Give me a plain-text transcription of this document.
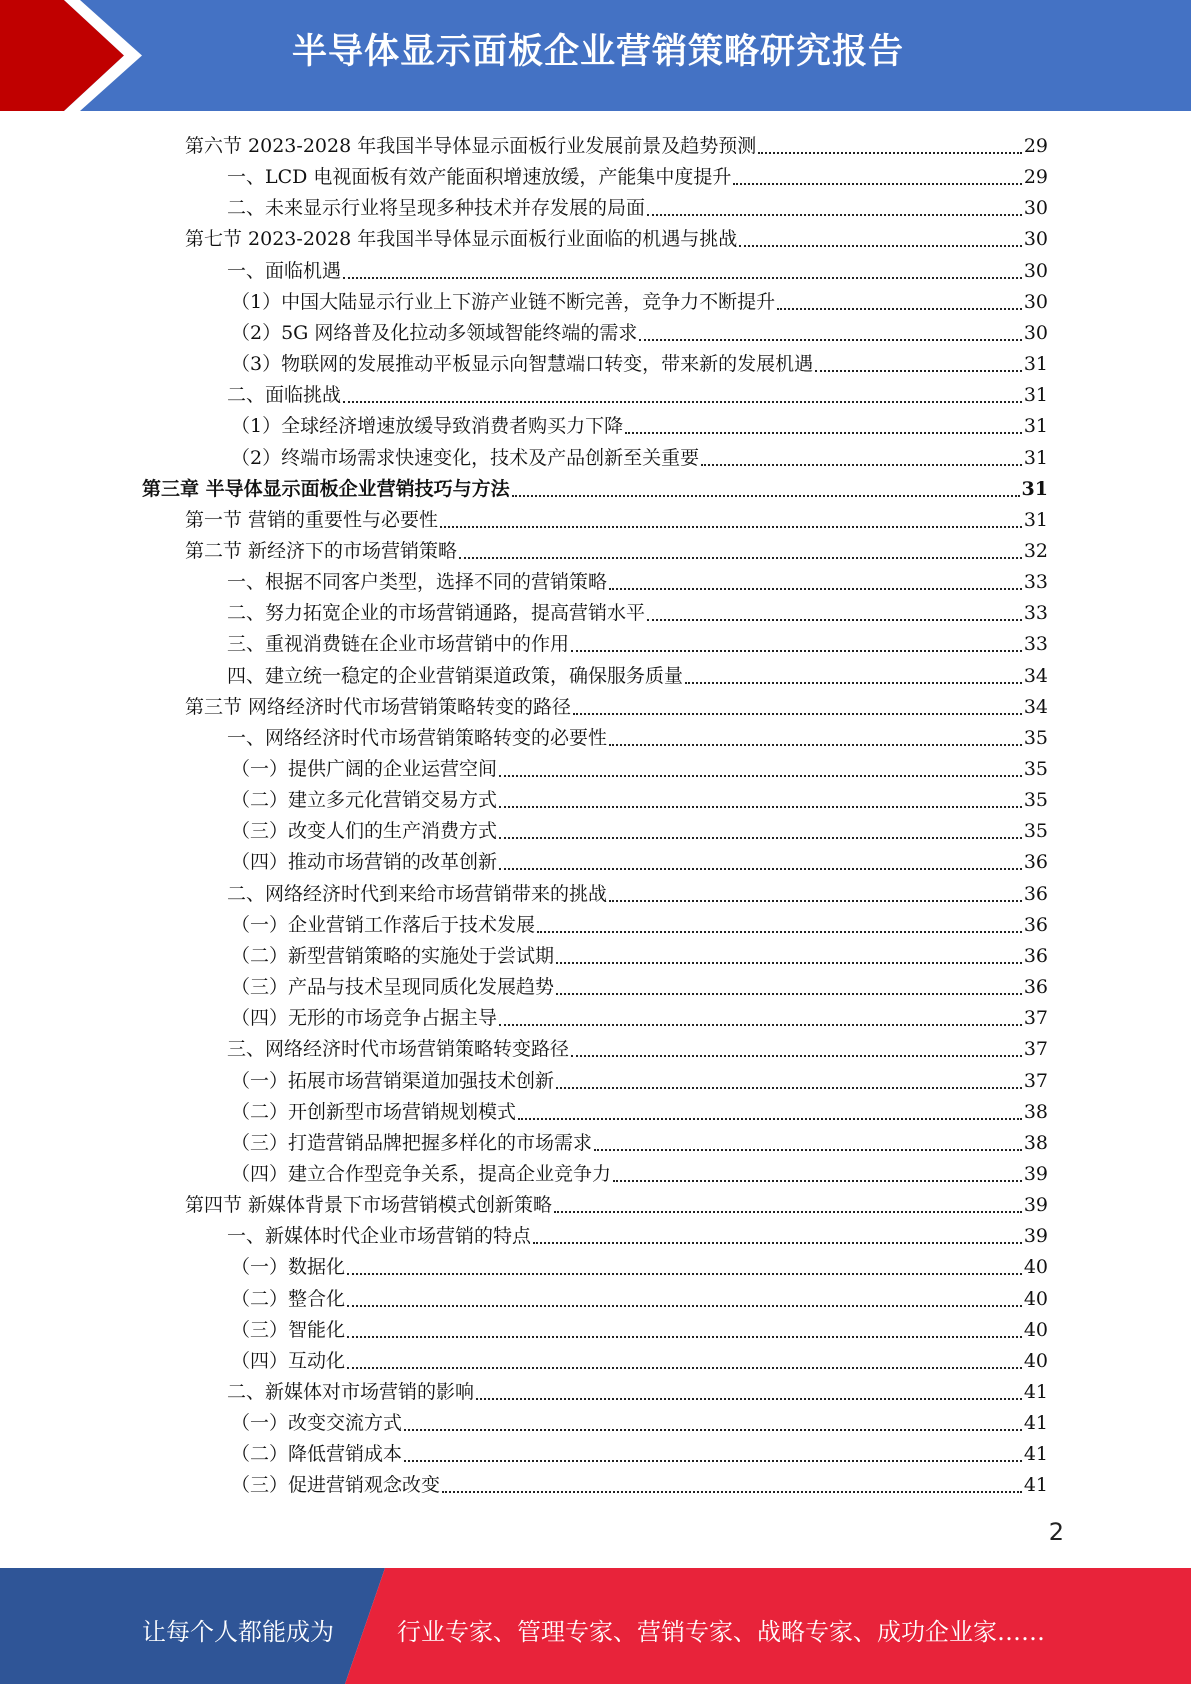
半导体显示面板企业营销策略研究报告
第六节 2023-2028 年我国半导体显示面板行业发展前景及趋势预测	29
一、LCD 电视面板有效产能面积增速放缓，产能集中度提升	29
二、未来显示行业将呈现多种技术并存发展的局面	30
第七节 2023-2028 年我国半导体显示面板行业面临的机遇与挑战	30
一、面临机遇	30
（1）中国大陆显示行业上下游产业链不断完善，竞争力不断提升	30
（2）5G 网络普及化拉动多领域智能终端的需求	30
（3）物联网的发展推动平板显示向智慧端口转变，带来新的发展机遇	31
二、面临挑战	31
（1）全球经济增速放缓导致消费者购买力下降	31
（2）终端市场需求快速变化，技术及产品创新至关重要	31
第三章 半导体显示面板企业营销技巧与方法	31
第一节 营销的重要性与必要性	31
第二节 新经济下的市场营销策略	32
一、根据不同客户类型，选择不同的营销策略	33
二、努力拓宽企业的市场营销通路，提高营销水平	33
三、重视消费链在企业市场营销中的作用	33
四、建立统一稳定的企业营销渠道政策，确保服务质量	34
第三节 网络经济时代市场营销策略转变的路径	34
一、网络经济时代市场营销策略转变的必要性	35
（一）提供广阔的企业运营空间	35
（二）建立多元化营销交易方式	35
（三）改变人们的生产消费方式	35
（四）推动市场营销的改革创新	36
二、网络经济时代到来给市场营销带来的挑战	36
（一）企业营销工作落后于技术发展	36
（二）新型营销策略的实施处于尝试期	36
（三）产品与技术呈现同质化发展趋势	36
（四）无形的市场竞争占据主导	37
三、网络经济时代市场营销策略转变路径	37
（一）拓展市场营销渠道加强技术创新	37
（二）开创新型市场营销规划模式	38
（三）打造营销品牌把握多样化的市场需求	38
（四）建立合作型竞争关系，提高企业竞争力	39
第四节 新媒体背景下市场营销模式创新策略	39
一、新媒体时代企业市场营销的特点	39
（一）数据化	40
（二）整合化	40
（三）智能化	40
（四）互动化	40
二、新媒体对市场营销的影响	41
（一）改变交流方式	41
（二）降低营销成本	41
（三）促进营销观念改变	41
2
让每个人都能成为	行业专家、管理专家、营销专家、战略专家、成功企业家……
